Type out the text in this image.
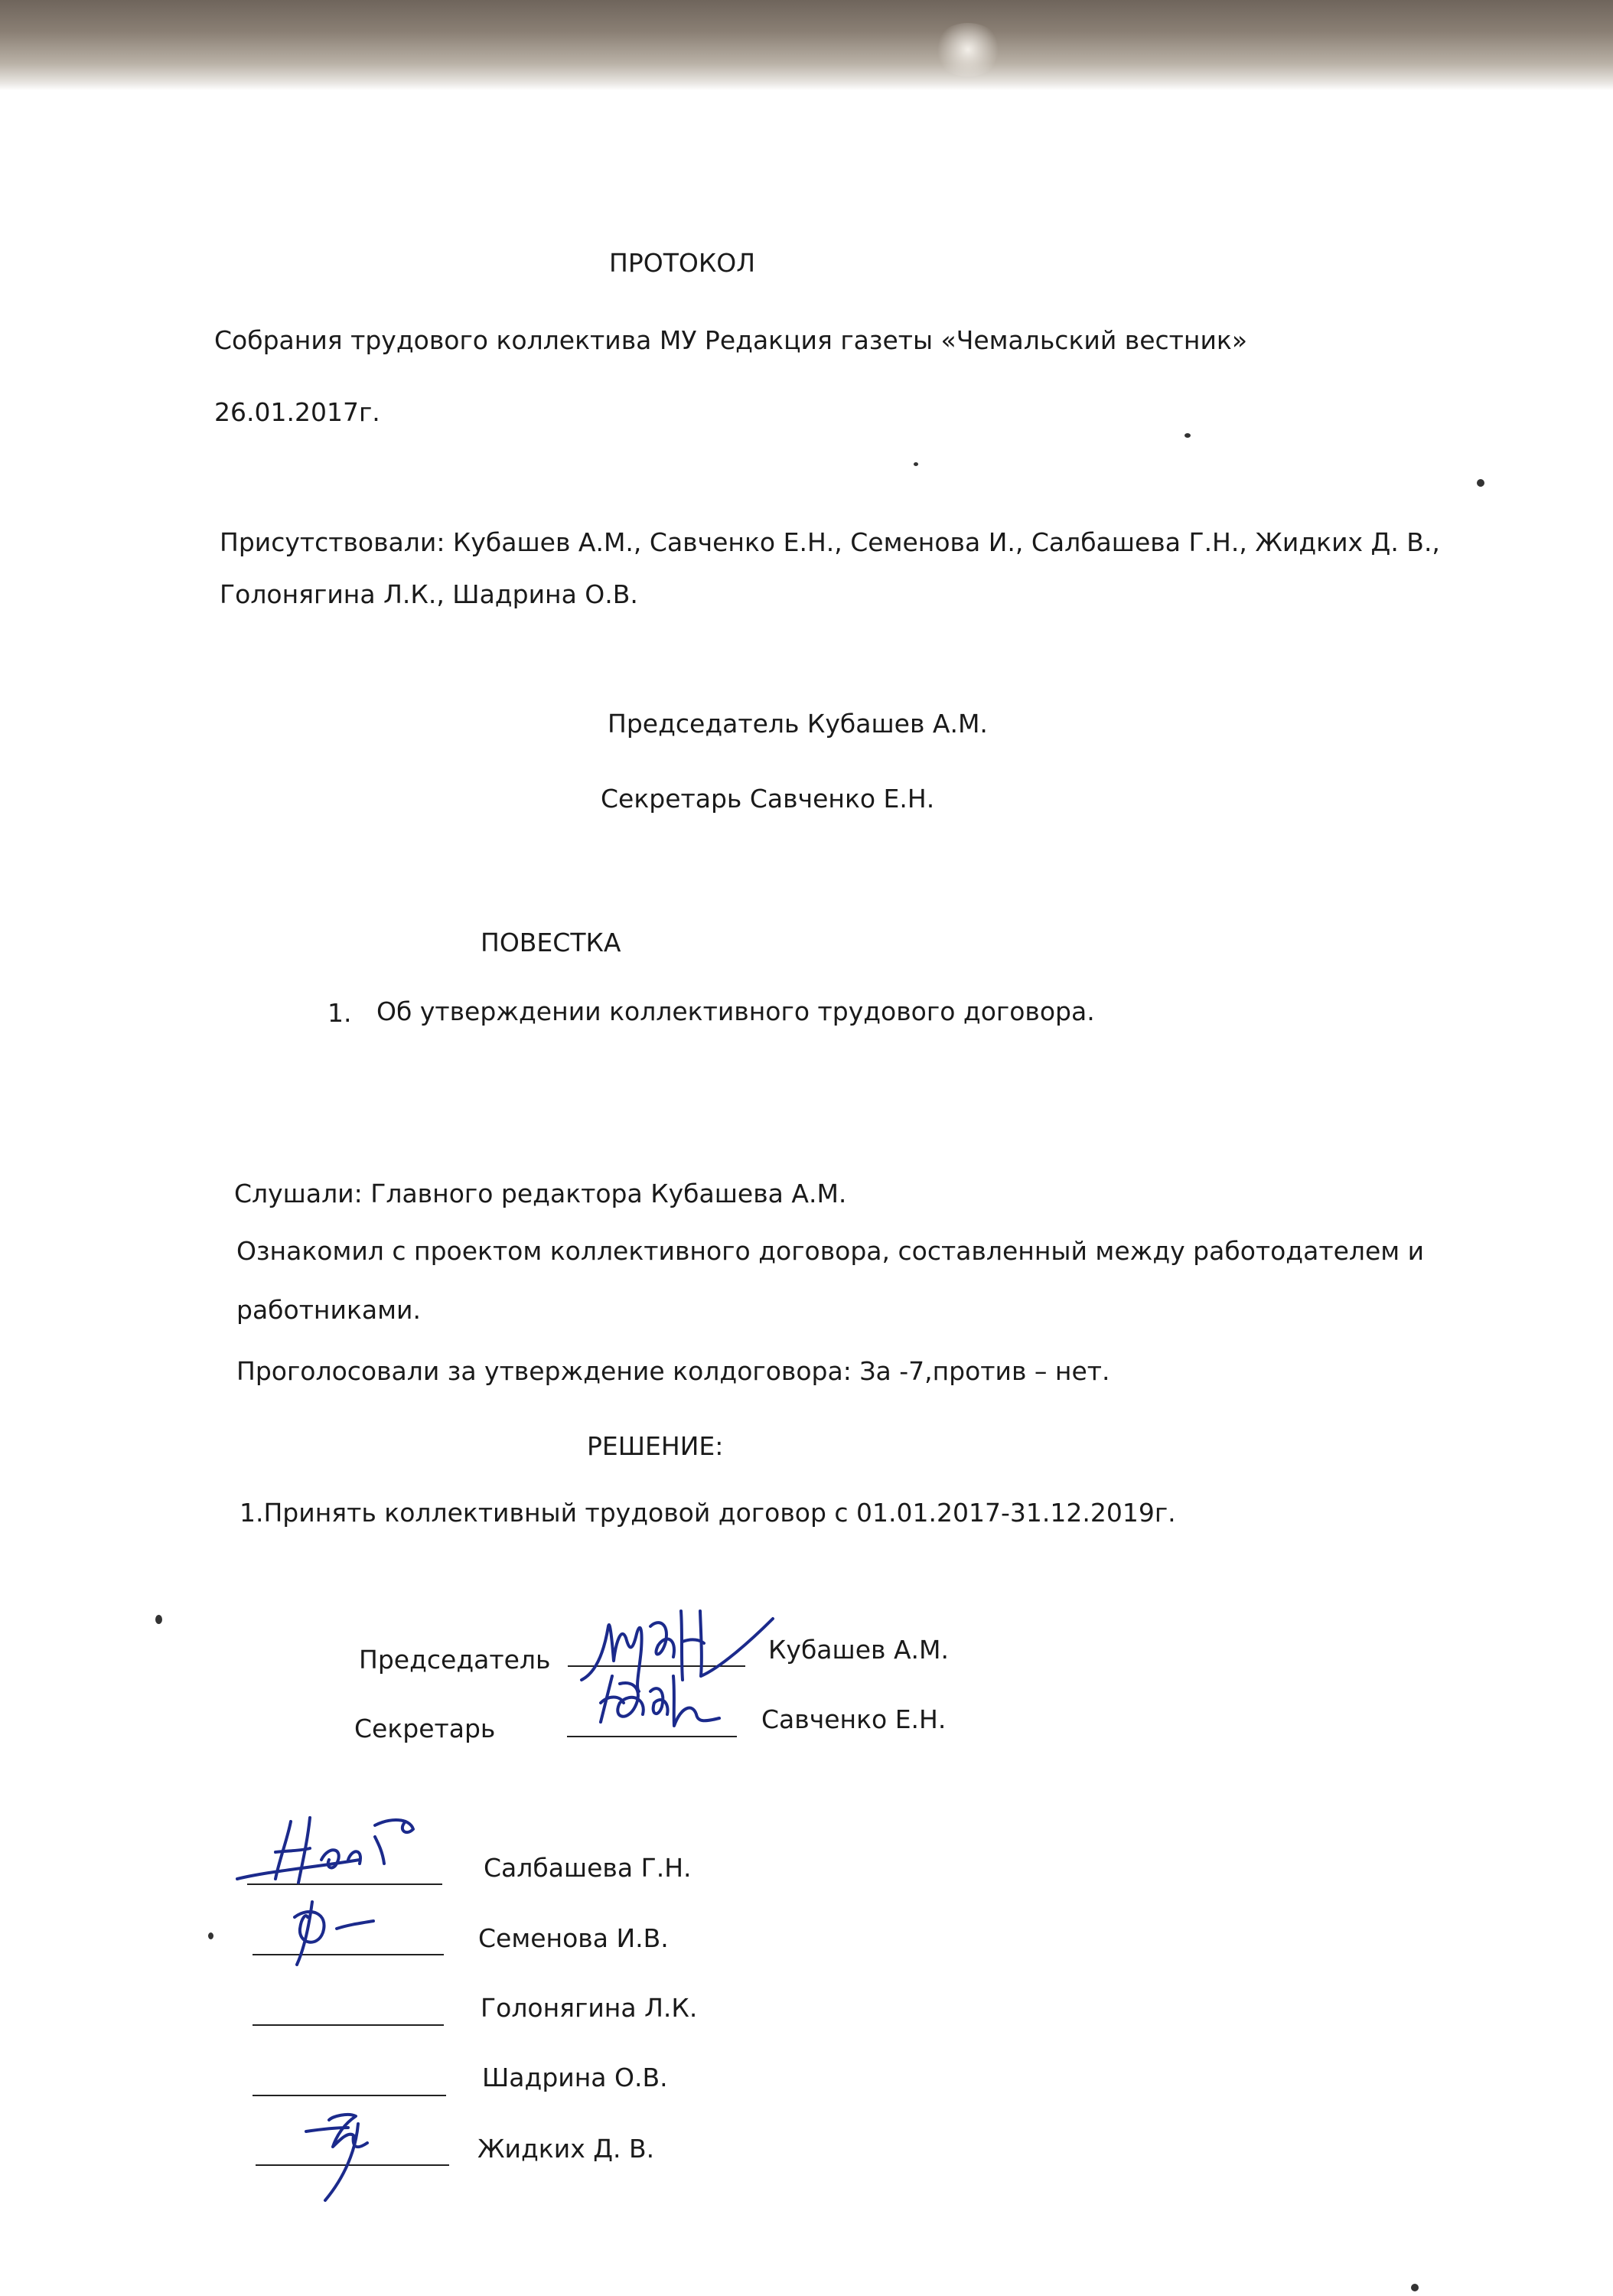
ПРОТОКОЛ
Собрания трудового коллектива МУ Редакция газеты «Чемальский вестник»
26.01.2017г.
Присутствовали: Кубашев А.М., Савченко Е.Н., Семенова И., Салбашева Г.Н., Жидких Д. В.,
Голонягина Л.К., Шадрина О.В.
Председатель Кубашев А.М.
Секретарь Савченко Е.Н.
ПОВЕСТКА
1. Об утверждении коллективного трудового договора.
Слушали: Главного редактора Кубашева А.М.
Ознакомил с проектом коллективного договора, составленный между работодателем и
работниками.
Проголосовали за утверждение колдоговора: За -7,против – нет.
РЕШЕНИЕ:
1.Принять коллективный трудовой договор с 01.01.2017-31.12.2019г.
Председатель	Кубашев А.М.
Секретарь	Савченко Е.Н.
Салбашева Г.Н.
Семенова И.В.
Голонягина Л.К.
Шадрина О.В.
Жидких Д. В.
